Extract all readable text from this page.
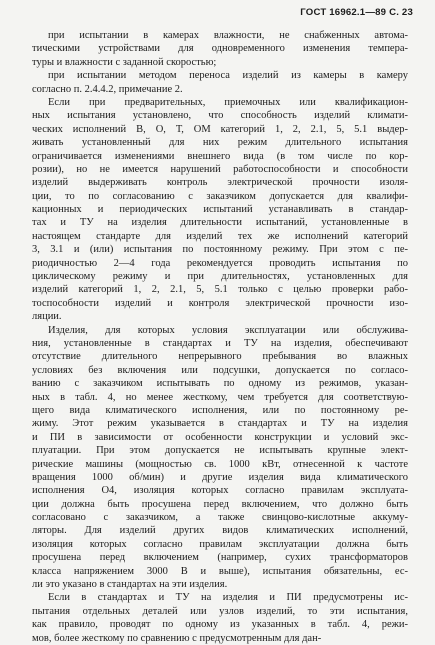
ГОСТ 16962.1—89 С. 23
при испытании в камерах влажности, не снабженных автома-
тическими устройствами для одновременного изменения темпера-
туры и влажности с заданной скоростью;
при испытании методом переноса изделий из камеры в камеру
согласно п. 2.4.4.2, примечание 2.
Если при предварительных, приемочных или квалификацион-
ных испытания установлено, что способность изделий климати-
ческих исполнений В, О, Т, ОМ категорий 1, 2, 2.1, 5, 5.1 выдер-
живать установленный для них режим длительного испытания
ограничивается изменениями внешнего вида (в том числе по кор-
розии), но не имеется нарушений работоспособности и способности
изделий выдерживать контроль электрической прочности изоля-
ции, то по согласованию с заказчиком допускается для квалифи-
кационных и периодических испытаний устанавливать в стандар-
тах и ТУ на изделия длительности испытаний, установленные в
настоящем стандарте для изделий тех же исполнений категорий
3, 3.1 и (или) испытания по постоянному режиму. При этом с пе-
риодичностью 2—4 года рекомендуется проводить испытания по
циклическому режиму и при длительностях, установленных для
изделий категорий 1, 2, 2.1, 5, 5.1 только с целью проверки рабо-
тоспособности изделий и контроля электрической прочности изо-
ляции.
Изделия, для которых условия эксплуатации или обслужива-
ния, установленные в стандартах и ТУ на изделия, обеспечивают
отсутствие длительного непрерывного пребывания во влажных
условиях без включения или подсушки, допускается по согласо-
ванию с заказчиком испытывать по одному из режимов, указан-
ных в табл. 4, но менее жесткому, чем требуется для соответствую-
щего вида климатического исполнения, или по постоянному ре-
жиму. Этот режим указывается в стандартах и ТУ на изделия
и ПИ в зависимости от особенности конструкции и условий экс-
плуатации. При этом допускается не испытывать крупные элект-
рические машины (мощностью св. 1000 кВт, отнесенной к частоте
вращения 1000 об/мин) и другие изделия вида климатического
исполнения О4, изоляция которых согласно правилам эксплуата-
ции должна быть просушена перед включением, что должно быть
согласовано с заказчиком, а также свинцово-кислотные аккуму-
ляторы. Для изделий других видов климатических исполнений,
изоляция которых согласно правилам эксплуатации должна быть
просушена перед включением (например, сухих трансформаторов
класса напряжением 3000 В и выше), испытания обязательны, ес-
ли это указано в стандартах на эти изделия.
Если в стандартах и ТУ на изделия и ПИ предусмотрены ис-
пытания отдельных деталей или узлов изделий, то эти испытания,
как правило, проводят по одному из указанных в табл. 4, режи-
мов, более жесткому по сравнению с предусмотренным для дан-
